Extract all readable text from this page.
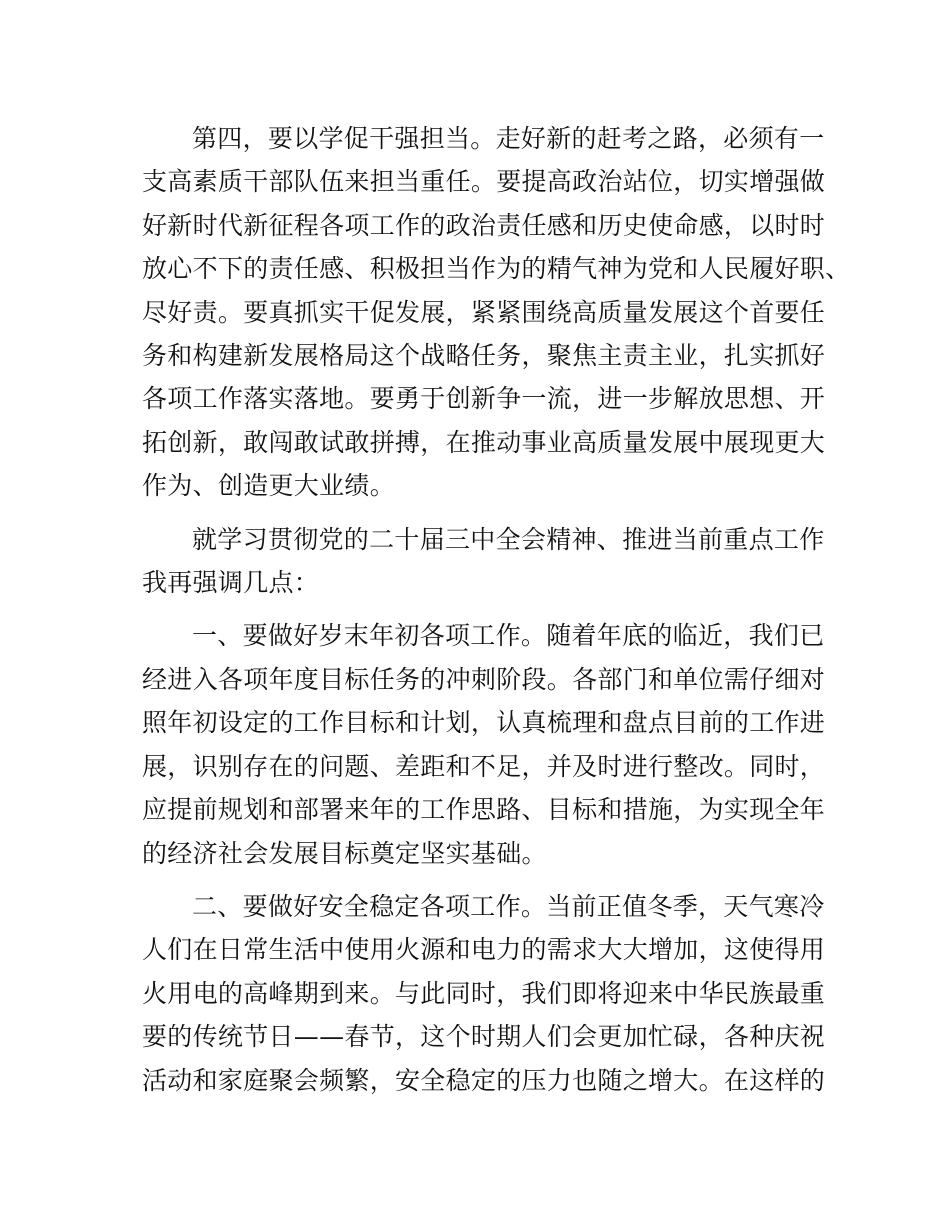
第四，要以学促干强担当。走好新的赶考之路，必须有一
支高素质干部队伍来担当重任。要提高政治站位，切实增强做
好新时代新征程各项工作的政治责任感和历史使命感，以时时
放心不下的责任感、积极担当作为的精气神为党和人民履好职、
尽好责。要真抓实干促发展，紧紧围绕高质量发展这个首要任
务和构建新发展格局这个战略任务，聚焦主责主业，扎实抓好
各项工作落实落地。要勇于创新争一流，进一步解放思想、开
拓创新，敢闯敢试敢拼搏，在推动事业高质量发展中展现更大
作为、创造更大业绩。
就学习贯彻党的二十届三中全会精神、推进当前重点工作
我再强调几点：
一、要做好岁末年初各项工作。随着年底的临近，我们已
经进入各项年度目标任务的冲刺阶段。各部门和单位需仔细对
照年初设定的工作目标和计划，认真梳理和盘点目前的工作进
展，识别存在的问题、差距和不足，并及时进行整改。同时，
应提前规划和部署来年的工作思路、目标和措施，为实现全年
的经济社会发展目标奠定坚实基础。
二、要做好安全稳定各项工作。当前正值冬季，天气寒冷
人们在日常生活中使用火源和电力的需求大大增加，这使得用
火用电的高峰期到来。与此同时，我们即将迎来中华民族最重
要的传统节日——春节，这个时期人们会更加忙碌，各种庆祝
活动和家庭聚会频繁，安全稳定的压力也随之增大。在这样的
